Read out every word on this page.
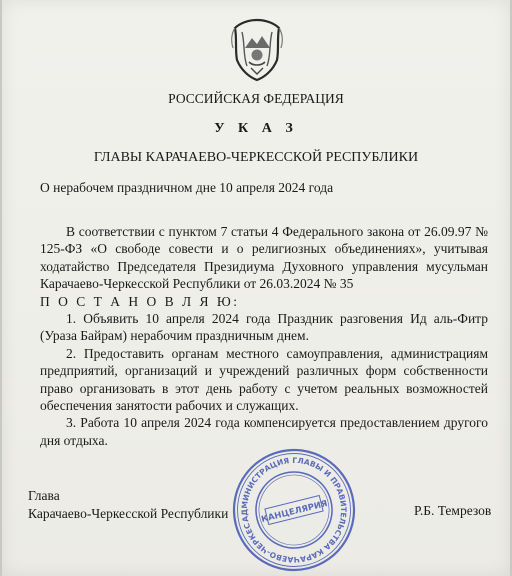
РОССИЙСКАЯ ФЕДЕРАЦИЯ
У К А З
ГЛАВЫ КАРАЧАЕВО-ЧЕРКЕССКОЙ РЕСПУБЛИКИ
О нерабочем праздничном дне 10 апреля 2024 года

В соответствии с пунктом 7 статьи 4 Федерального закона от 26.09.97 № 125-ФЗ «О свободе совести и о религиозных объединениях», учитывая ходатайство Председателя Президиума Духовного управления мусульман Карачаево-Черкесской Республики от 26.03.2024 № 35

П О С Т А Н О В Л Я Ю:

1. Объявить 10 апреля 2024 года Праздник разговения Ид аль-Фитр (Ураза Байрам) нерабочим праздничным днем.

2. Предоставить органам местного самоуправления, администрациям предприятий, организаций и учреждений различных форм собственности право организовать в этот день работу с учетом реальных возможностей обеспечения занятости рабочих и служащих.

3. Работа 10 апреля 2024 года компенсируется предоставлением другого дня отдыха.

Глава
Карачаево-Черкесской Республики	Р.Б. Темрезов
АДМИНИСТРАЦИЯ ГЛАВЫ И ПРАВИТЕЛЬСТВА КАРАЧАЕВО-ЧЕРКЕССКОЙ
КАНЦЕЛЯРИЯ
